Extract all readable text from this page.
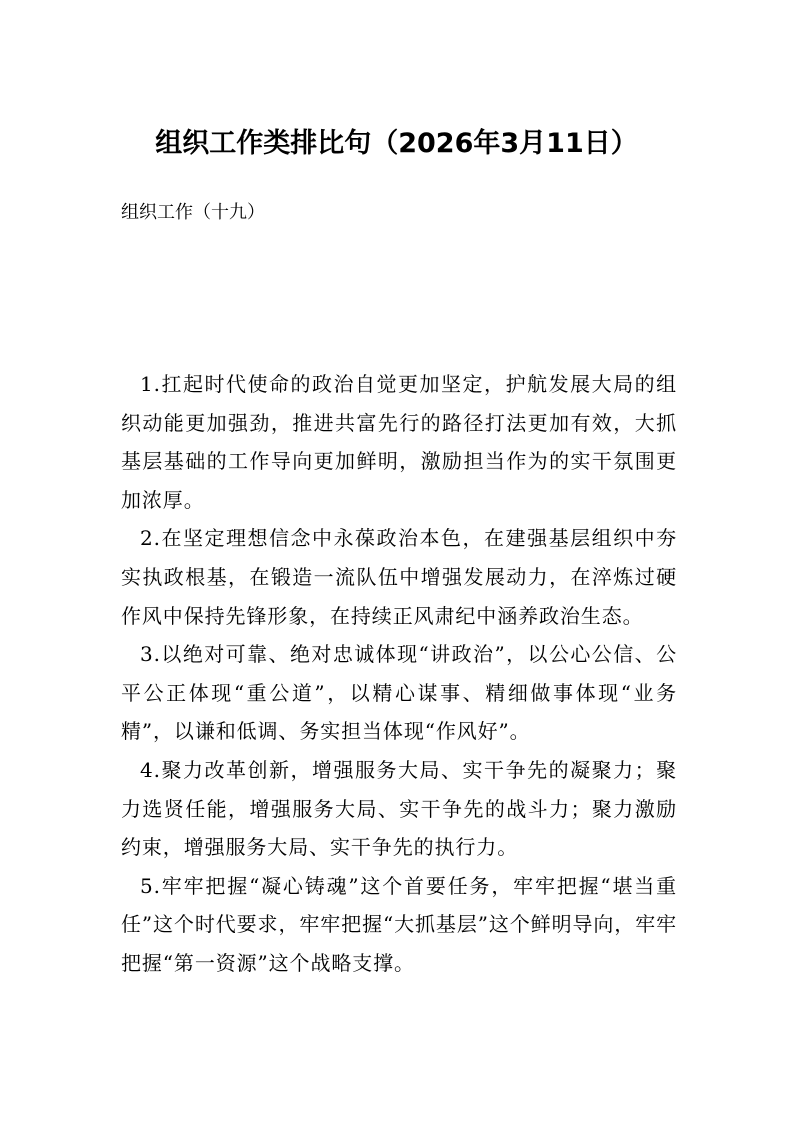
组织工作类排比句（2026年3月11日）

组织工作（十九）

1.扛起时代使命的政治自觉更加坚定，护航发展大局的组织动能更加强劲，推进共富先行的路径打法更加有效，大抓基层基础的工作导向更加鲜明，激励担当作为的实干氛围更加浓厚。

2.在坚定理想信念中永葆政治本色，在建强基层组织中夯实执政根基，在锻造一流队伍中增强发展动力，在淬炼过硬作风中保持先锋形象，在持续正风肃纪中涵养政治生态。

3.以绝对可靠、绝对忠诚体现“讲政治”，以公心公信、公平公正体现“重公道”，以精心谋事、精细做事体现“业务精”，以谦和低调、务实担当体现“作风好”。

4.聚力改革创新，增强服务大局、实干争先的凝聚力；聚力选贤任能，增强服务大局、实干争先的战斗力；聚力激励约束，增强服务大局、实干争先的执行力。

5.牢牢把握“凝心铸魂”这个首要任务，牢牢把握“堪当重任”这个时代要求，牢牢把握“大抓基层”这个鲜明导向，牢牢把握“第一资源”这个战略支撑。
